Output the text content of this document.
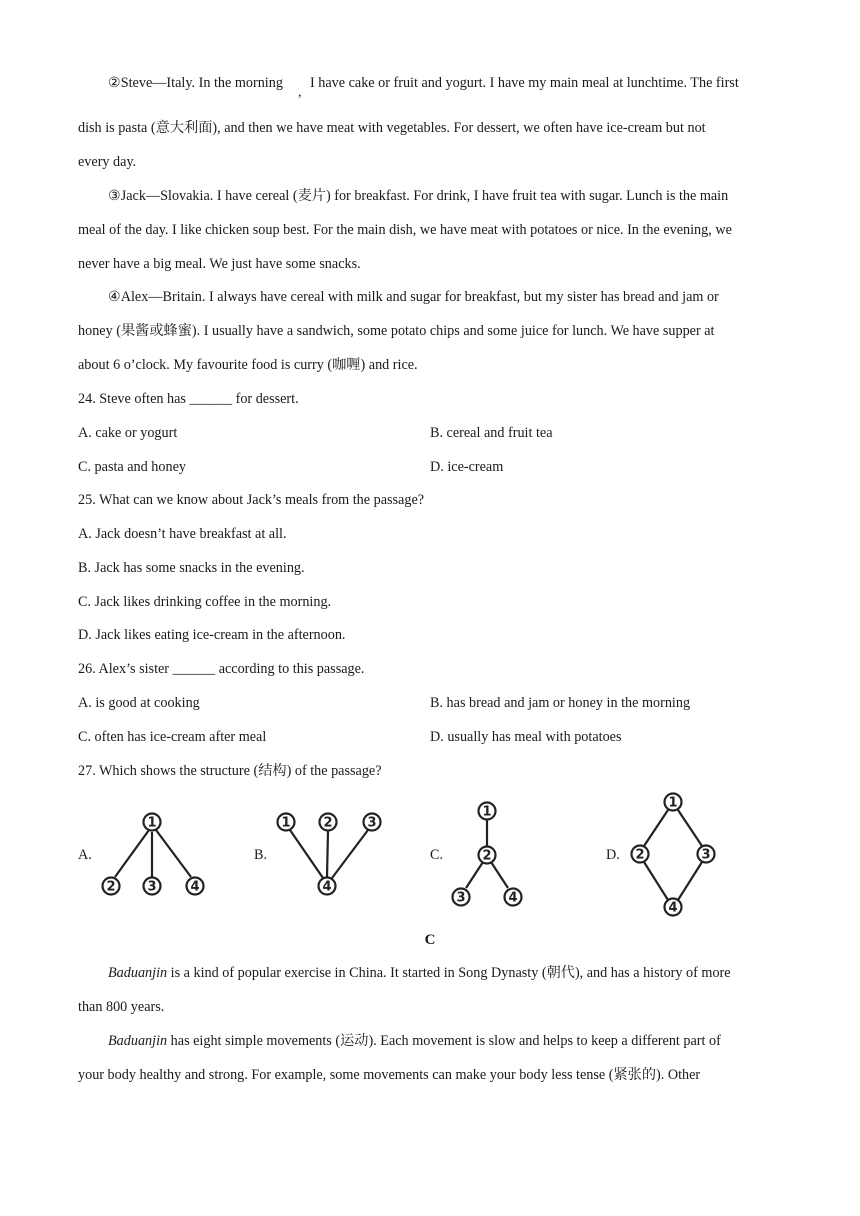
②Steve—Italy. In the morning
,
I have cake or fruit and yogurt. I have my main meal at lunchtime. The first
dish is pasta (意大利面), and then we have meat with vegetables. For dessert, we often have ice-cream but not
every day.
③Jack—Slovakia. I have cereal (麦片) for breakfast. For drink, I have fruit tea with sugar. Lunch is the main
meal of the day. I like chicken soup best. For the main dish, we have meat with potatoes or nice. In the evening, we
never have a big meal. We just have some snacks.
④Alex—Britain. I always have cereal with milk and sugar for breakfast, but my sister has bread and jam or
honey (果酱或蜂蜜). I usually have a sandwich, some potato chips and some juice for lunch. We have supper at
about 6 o’clock. My favourite food is curry (咖喱) and rice.
24. Steve often has ______ for dessert.
A. cake or yogurt	B. cereal and fruit tea
C. pasta and honey	D. ice-cream
25. What can we know about Jack’s meals from the passage?
A. Jack doesn’t have breakfast at all.
B. Jack has some snacks in the evening.
C. Jack likes drinking coffee in the morning.
D. Jack likes eating ice-cream in the afternoon.
26. Alex’s sister ______ according to this passage.
A. is good at cooking	B. has bread and jam or honey in the morning
C. often has ice-cream after meal	D. usually has meal with potatoes
27. Which shows the structure (结构) of the passage?
A.	B.	C.	D.
1
2 3	4
1	2	3
4
1
2
3	4
1
2	3
4
C
Baduanjin is a kind of popular exercise in China. It started in Song Dynasty (朝代), and has a history of more
than 800 years.
Baduanjin has eight simple movements (运动). Each movement is slow and helps to keep a different part of
your body healthy and strong. For example, some movements can make your body less tense (紧张的). Other
